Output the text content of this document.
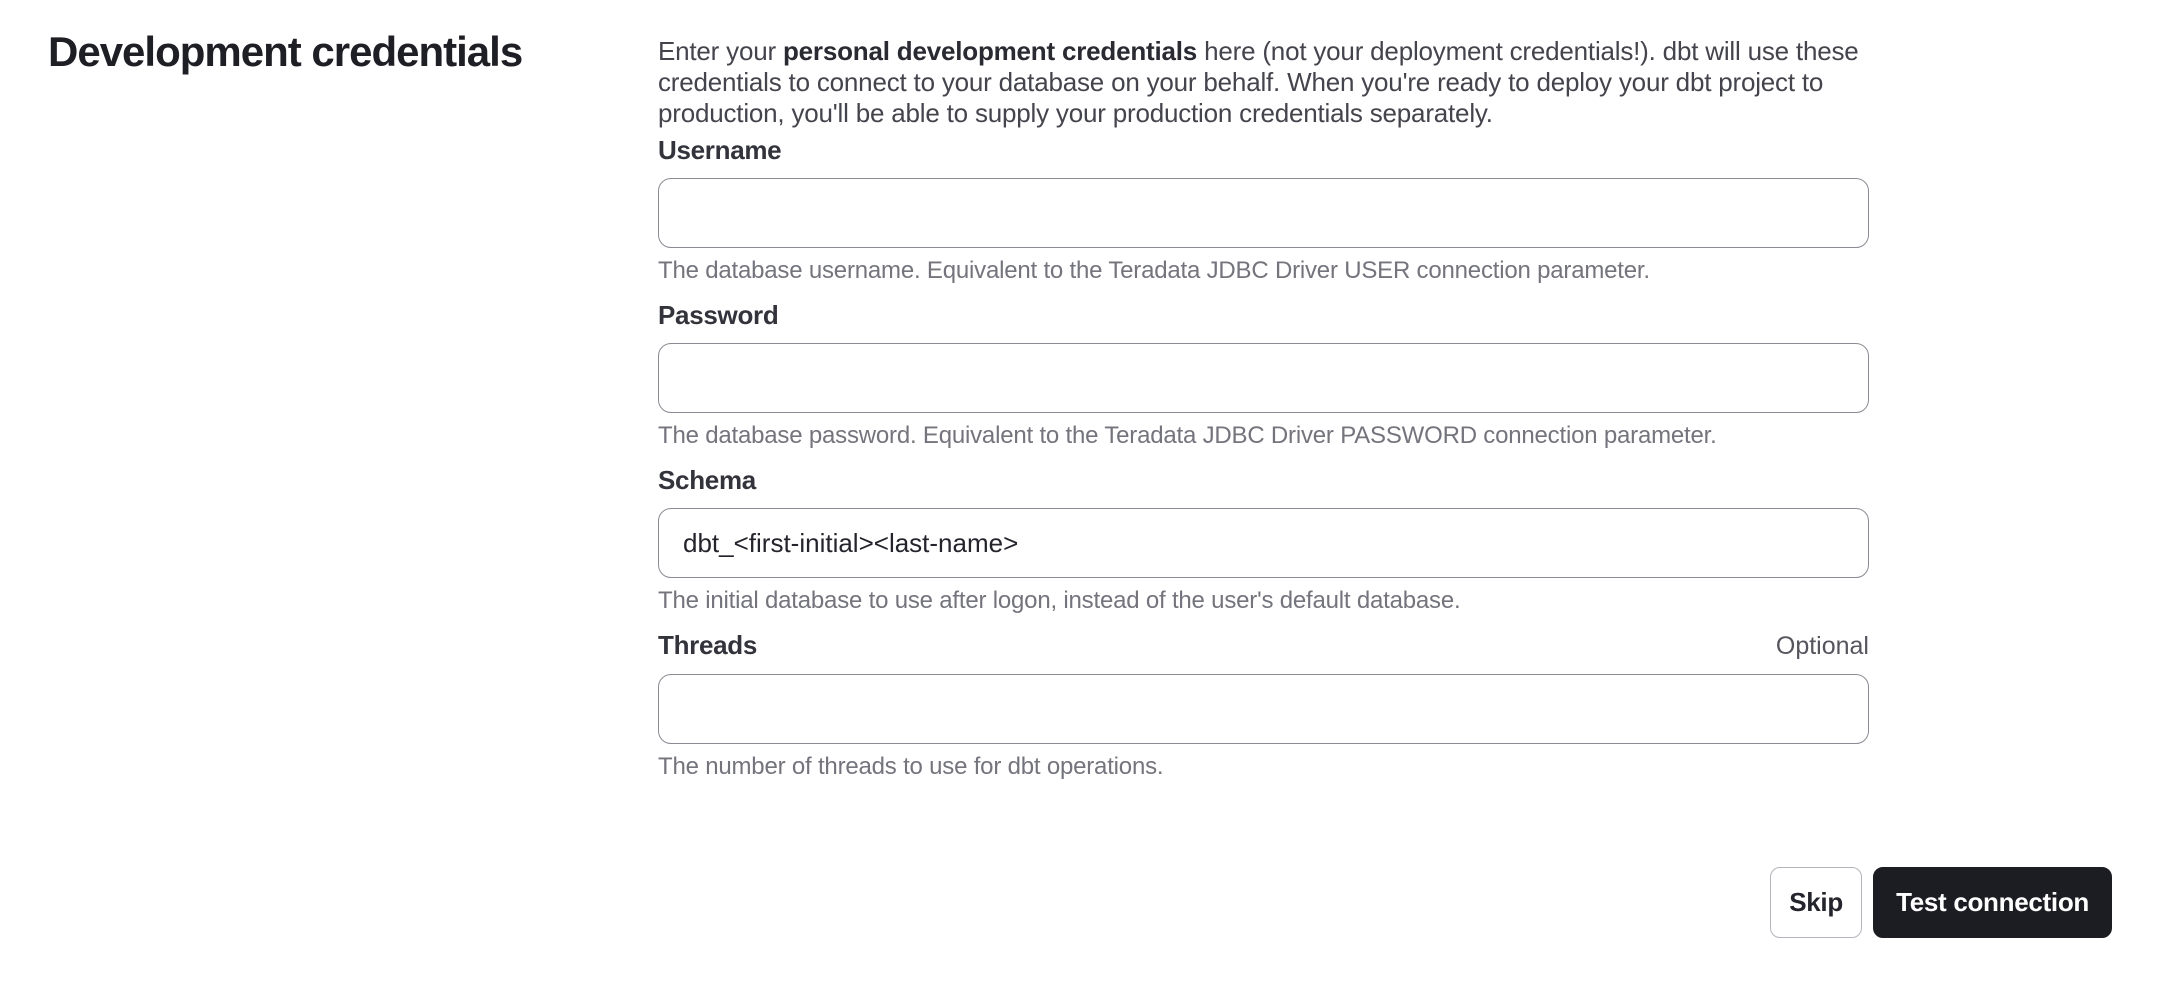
Development credentials	Enter your personal development credentials here (not your deployment credentials!). dbt will use these credentials to connect to your database on your behalf. When you're ready to deploy your dbt project to production, you'll be able to supply your production credentials separately.

Username
The database username. Equivalent to the Teradata JDBC Driver USER connection parameter.
Password
The database password. Equivalent to the Teradata JDBC Driver PASSWORD connection parameter.
Schema
dbt_<first-initial><last-name>
The initial database to use after logon, instead of the user's default database.
Threads	Optional
The number of threads to use for dbt operations.
Skip	Test connection
